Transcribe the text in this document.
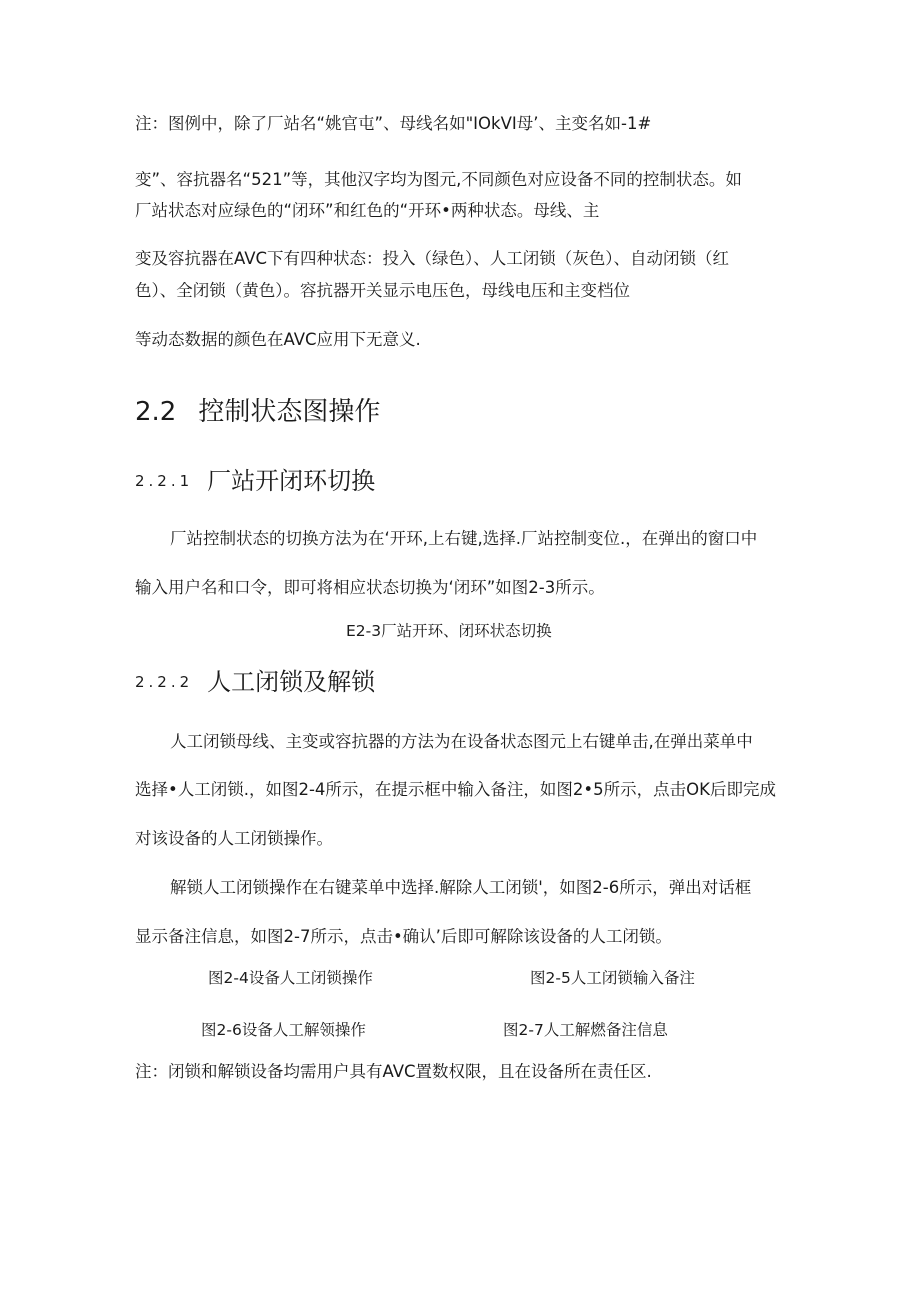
注：图例中，除了厂站名“姚官屯”、母线名如"IOkVI母’、主变名如-1#
变”、容抗器名“521”等，其他汉字均为图元,不同颜色对应设备不同的控制状态。如
厂站状态对应绿色的“闭环”和红色的“开环•两种状态。母线、主
变及容抗器在AVC下有四种状态：投入（绿色）、人工闭锁（灰色）、自动闭锁（红
色）、全闭锁（黄色）。容抗器开关显示电压色，母线电压和主变档位
等动态数据的颜色在AVC应用下无意义.
2.2 控制状态图操作
2.2.1 厂站开闭环切换
厂站控制状态的切换方法为在‘开环,上右键,选择.厂站控制变位.，在弹出的窗口中
输入用户名和口令，即可将相应状态切换为‘闭环”如图2-3所示。
E2-3厂站开环、闭环状态切换
2.2.2 人工闭锁及解锁
人工闭锁母线、主变或容抗器的方法为在设备状态图元上右键单击,在弹出菜单中
选择•人工闭锁.，如图2-4所示，在提示框中输入备注，如图2•5所示，点击OK后即完成
对该设备的人工闭锁操作。
解锁人工闭锁操作在右键菜单中选择.解除人工闭锁'，如图2-6所示，弹出对话框
显示备注信息，如图2-7所示，点击•确认’后即可解除该设备的人工闭锁。
图2-4设备人工闭锁操作	图2-5人工闭锁输入备注
图2-6设备人工解领操作	图2-7人工解燃备注信息
注：闭锁和解锁设备均需用户具有AVC置数权限，且在设备所在责任区.
